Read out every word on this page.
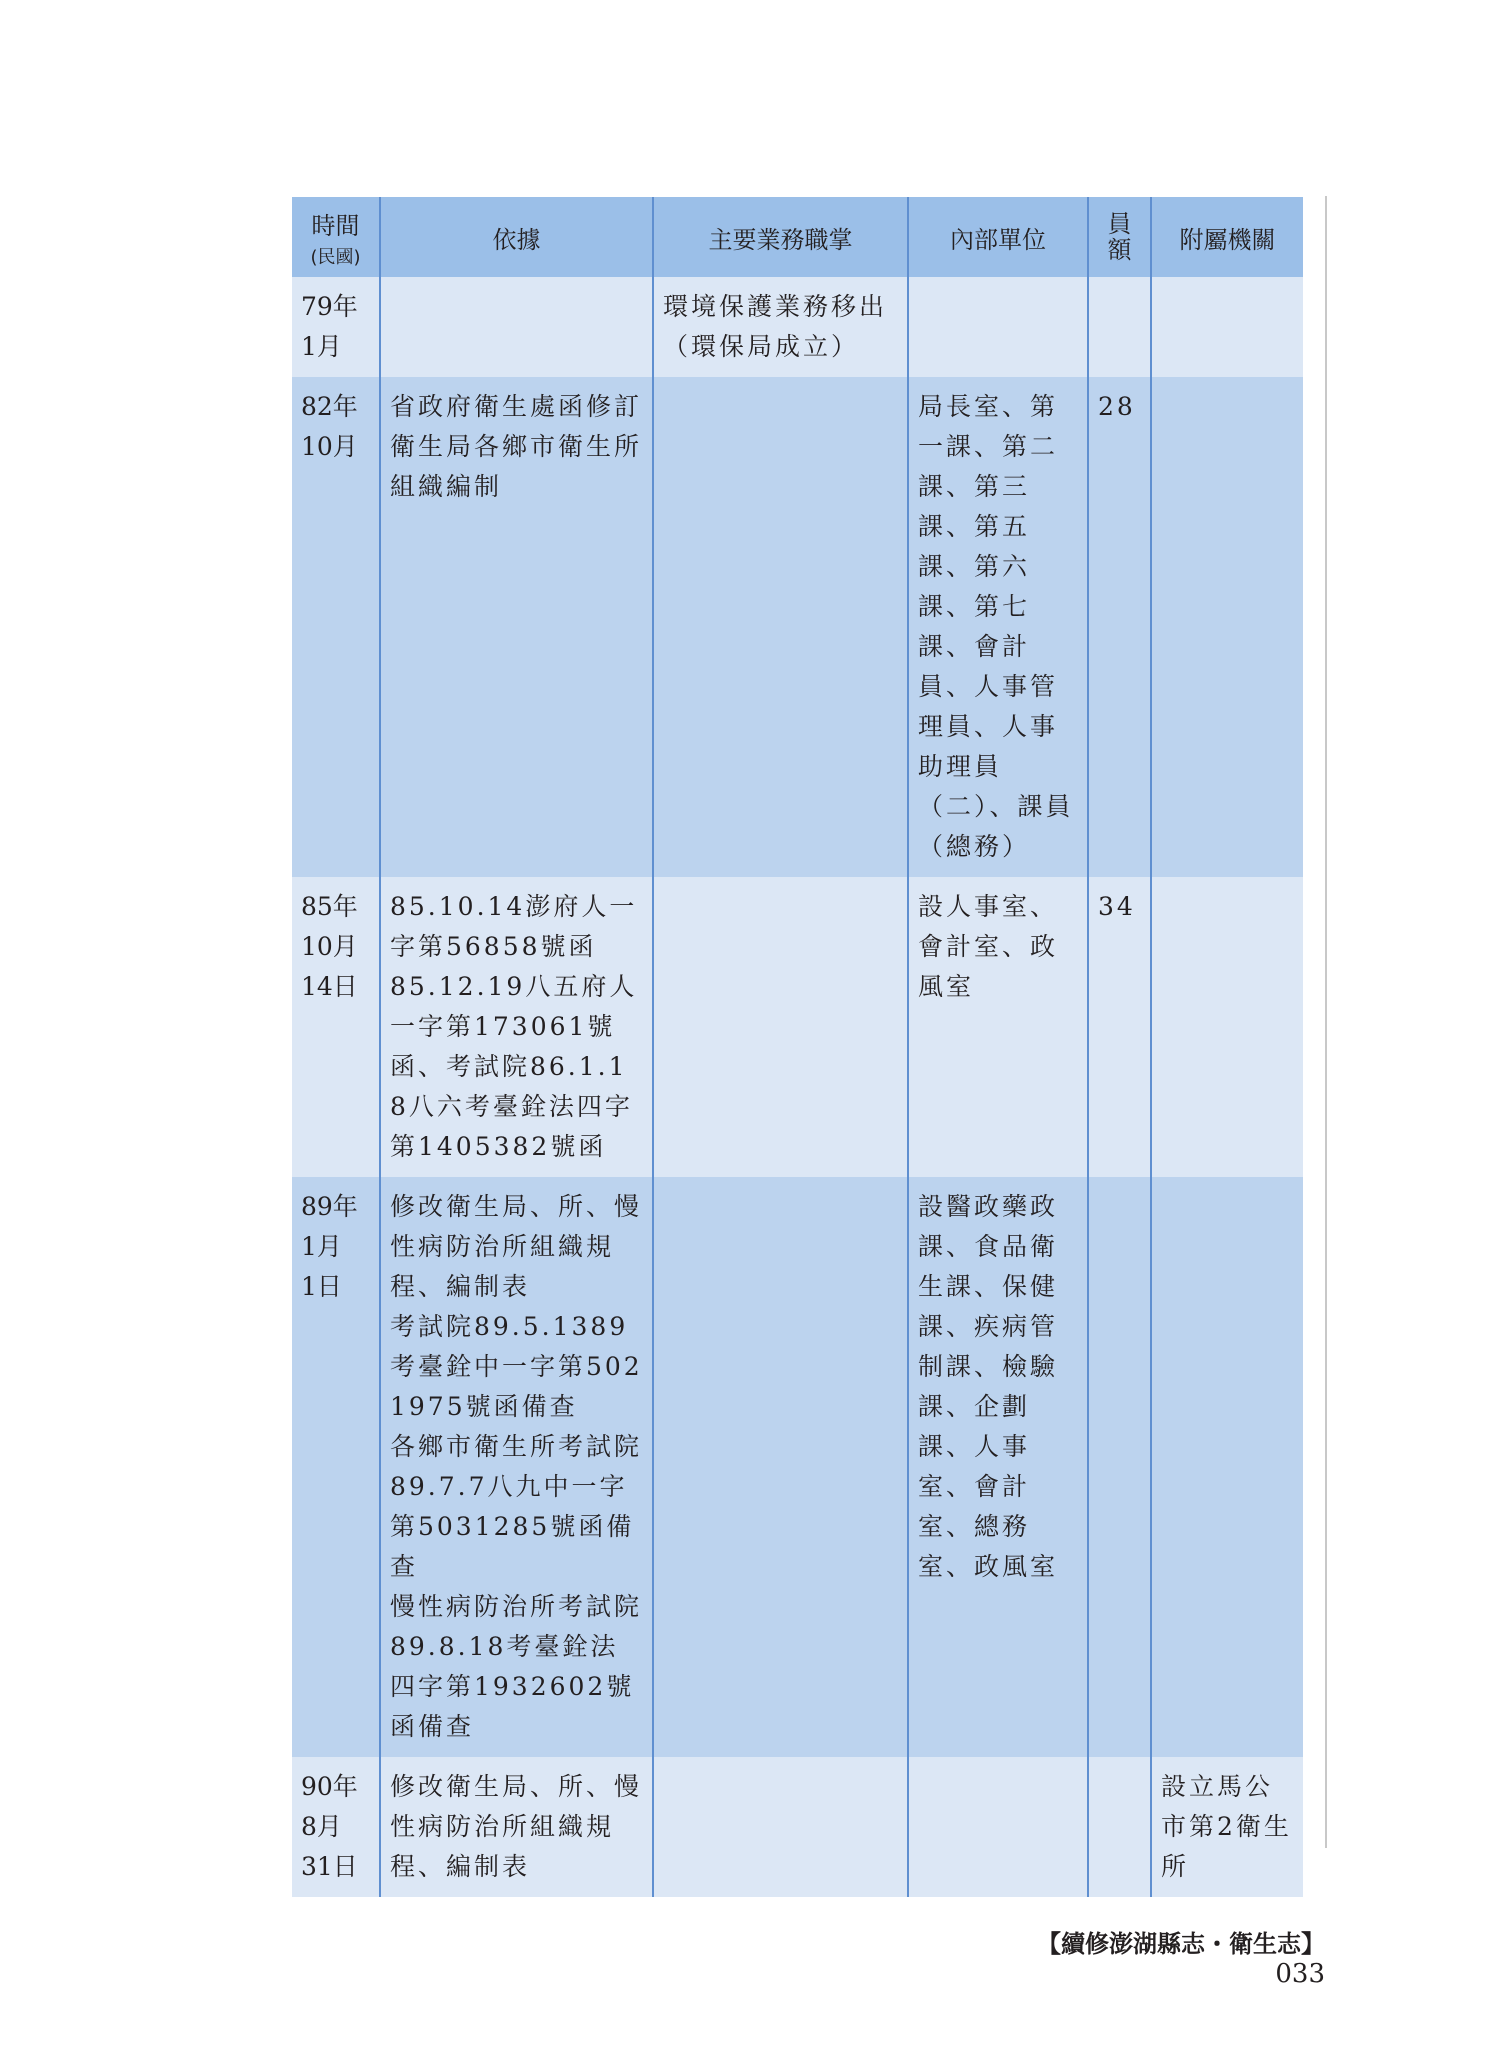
時間
(民國)	依據	主要業務職掌	內部單位	員額	附屬機關

79年
1月		環境保護業務移出（環保局成立）			

82年
10月	省政府衛生處函修訂衛生局各鄉市衛生所組織編制		局長室、第一課、第二課、第三課、第五課、第六課、第七課、會計員、人事管理員、人事助理員（二）、課員（總務）	28	

85年
10月
14日	85.10.14澎府人一字第56858號函
85.12.19八五府人一字第173061號函、考試院86.1.18八六考臺銓法四字第1405382號函		設人事室、會計室、政風室	34	

89年
1月
1日	修改衛生局、所、慢性病防治所組織規程、編制表
考試院89.5.1389考臺銓中一字第5021975號函備查
各鄉市衛生所考試院89.7.7八九中一字第5031285號函備查
慢性病防治所考試院89.8.18考臺銓法四字第1932602號函備查		設醫政藥政課、食品衛生課、保健課、疾病管制課、檢驗課、企劃課、人事室、會計室、總務室、政風室		

90年
8月
31日	修改衛生局、所、慢性病防治所組織規程、編制表				設立馬公市第2衛生所
【續修澎湖縣志・衛生志】033
